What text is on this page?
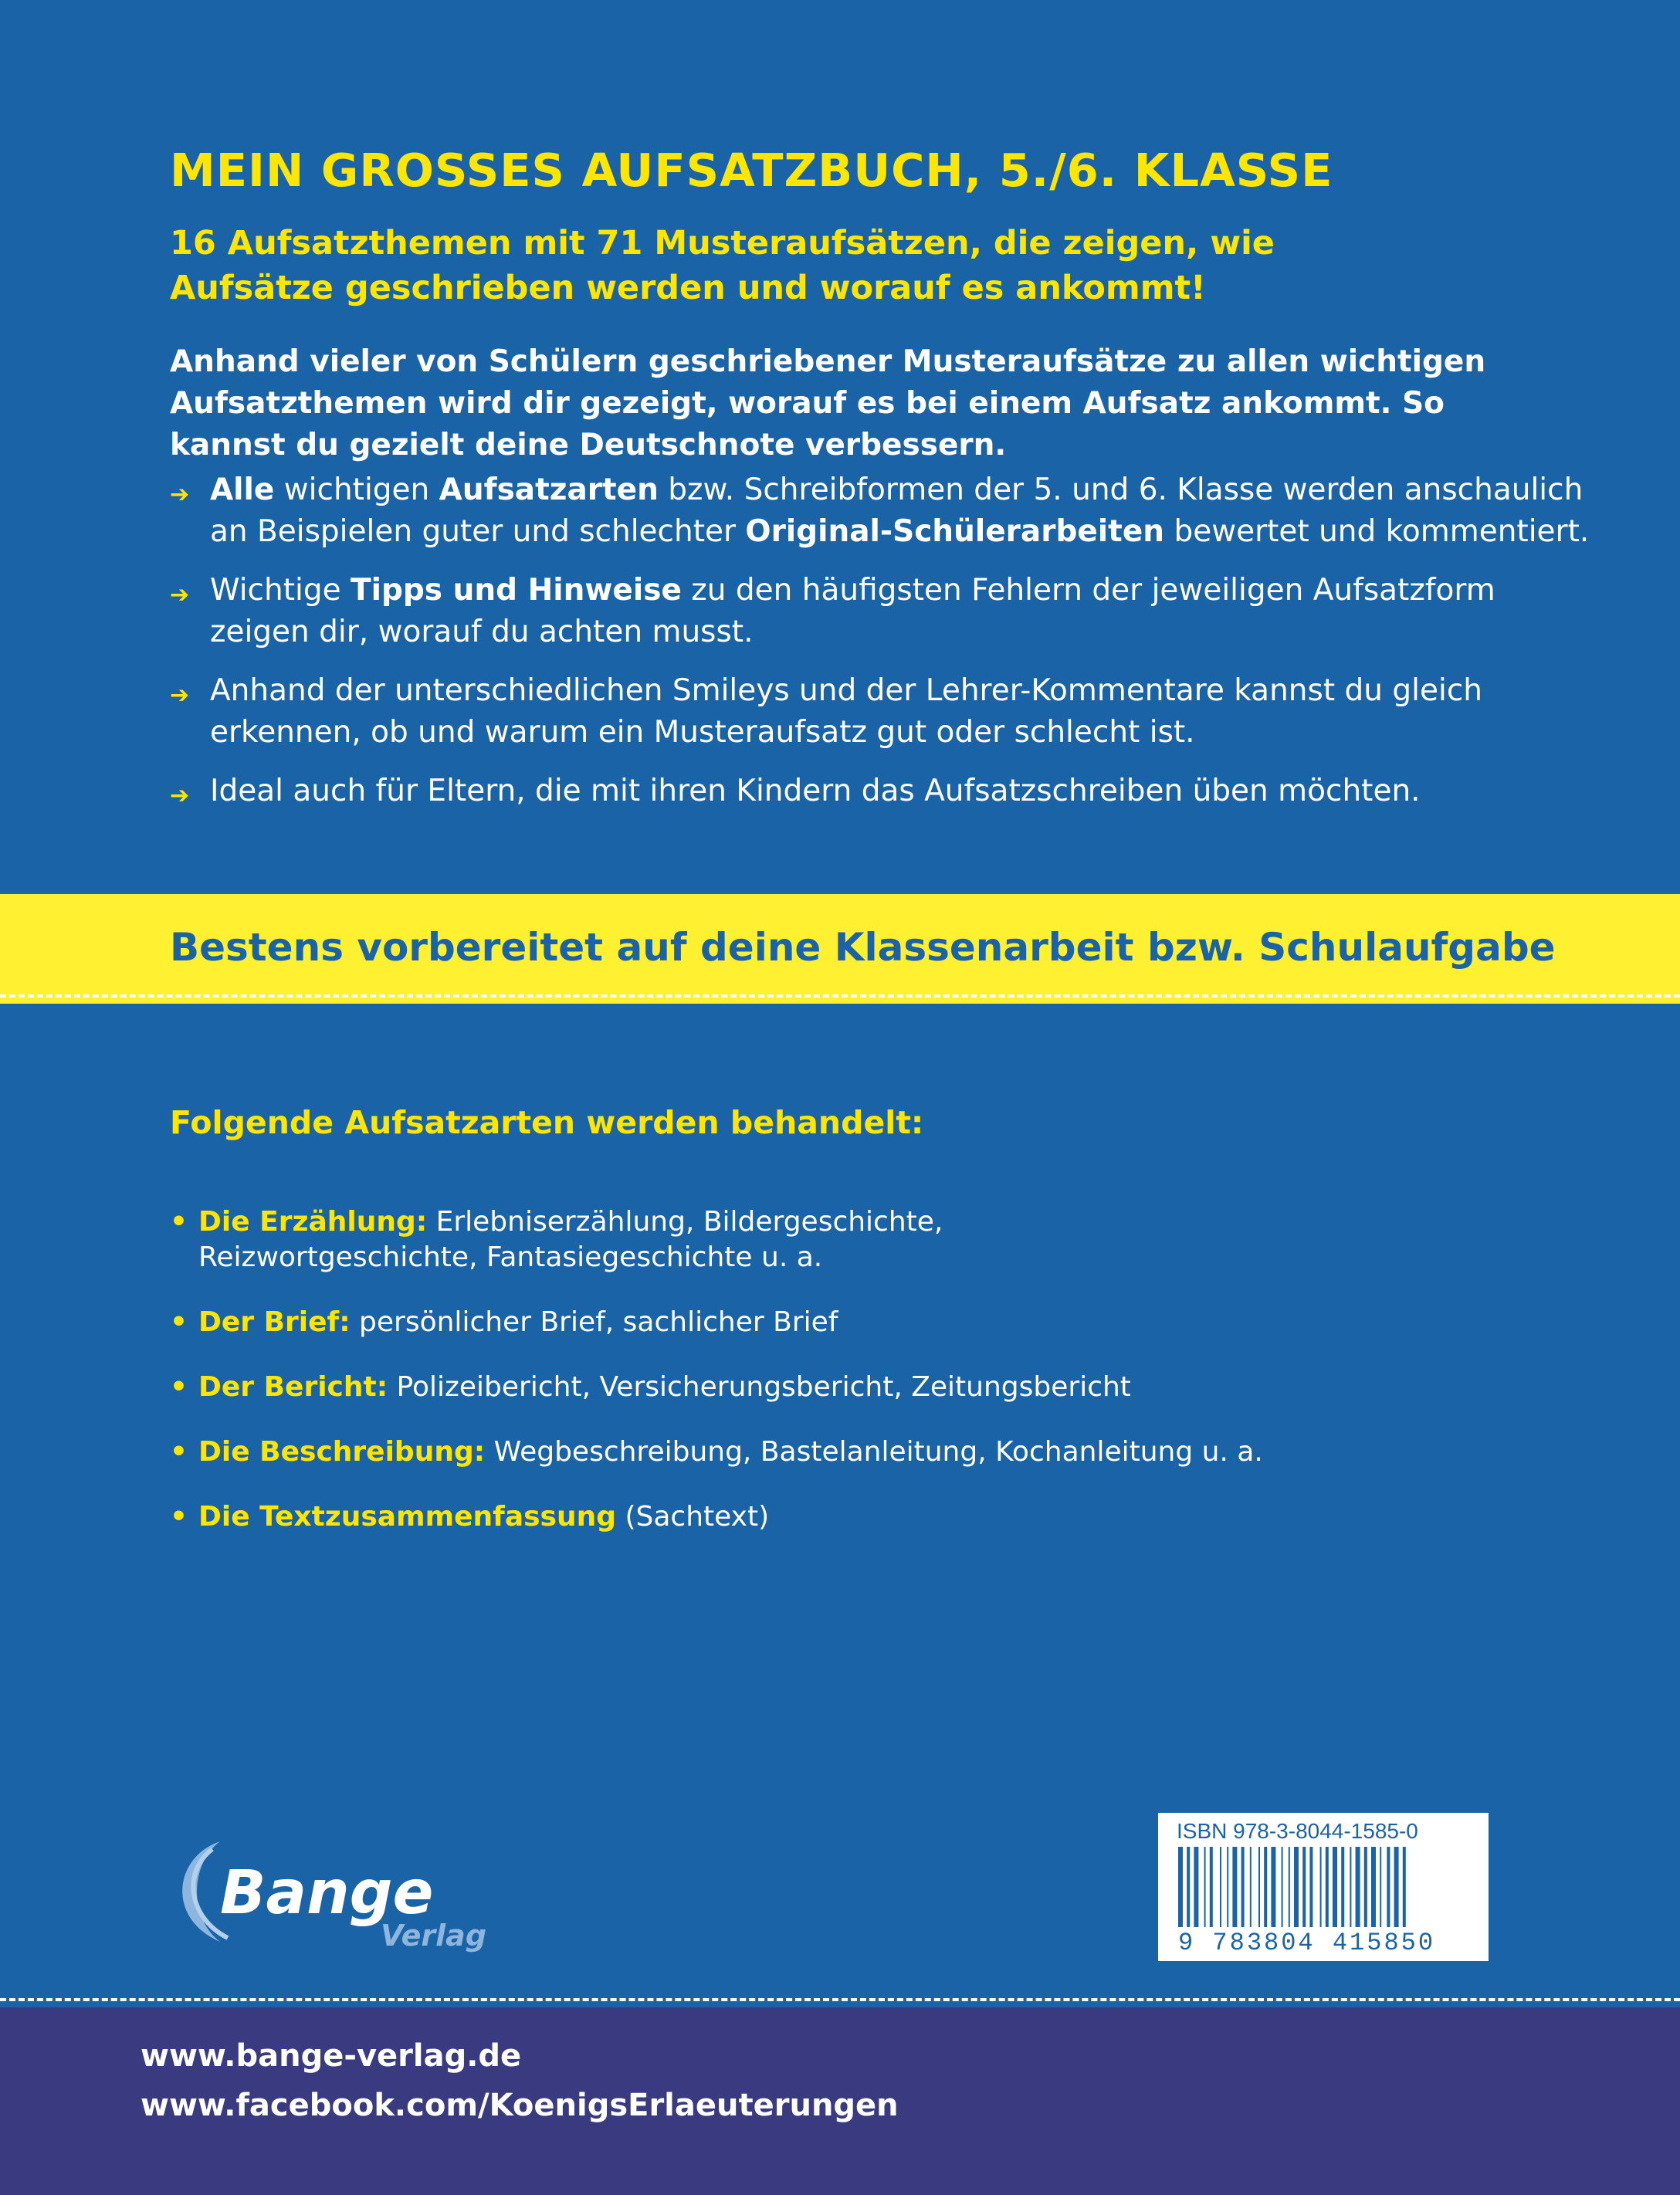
MEIN GROSSES AUFSATZBUCH, 5./6. KLASSE
16 Aufsatzthemen mit 71 Musteraufsätzen, die zeigen, wie Aufsätze geschrieben werden und worauf es ankommt!
Anhand vieler von Schülern geschriebener Musteraufsätze zu allen wichtigen Aufsatzthemen wird dir gezeigt, worauf es bei einem Aufsatz ankommt. So kannst du gezielt deine Deutschnote verbessern.
➔ Alle wichtigen Aufsatzarten bzw. Schreibformen der 5. und 6. Klasse werden anschaulich an Beispielen guter und schlechter Original-Schülerarbeiten bewertet und kommentiert.
➔ Wichtige Tipps und Hinweise zu den häufigsten Fehlern der jeweiligen Aufsatzform zeigen dir, worauf du achten musst.
➔ Anhand der unterschiedlichen Smileys und der Lehrer-Kommentare kannst du gleich erkennen, ob und warum ein Musteraufsatz gut oder schlecht ist.
➔ Ideal auch für Eltern, die mit ihren Kindern das Aufsatzschreiben üben möchten.
Bestens vorbereitet auf deine Klassenarbeit bzw. Schulaufgabe
Folgende Aufsatzarten werden behandelt:
• Die Erzählung: Erlebniserzählung, Bildergeschichte,
Reizwortgeschichte, Fantasiegeschichte u. a.
• Der Brief: persönlicher Brief, sachlicher Brief
• Der Bericht: Polizeibericht, Versicherungsbericht, Zeitungsbericht
• Die Beschreibung: Wegbeschreibung, Bastelanleitung, Kochanleitung u. a.
• Die Textzusammenfassung (Sachtext)
Bange
Verlag
ISBN 978-3-8044-1585-0
9 783804 415850
www.bange-verlag.de
www.facebook.com/KoenigsErlaeuterungen
